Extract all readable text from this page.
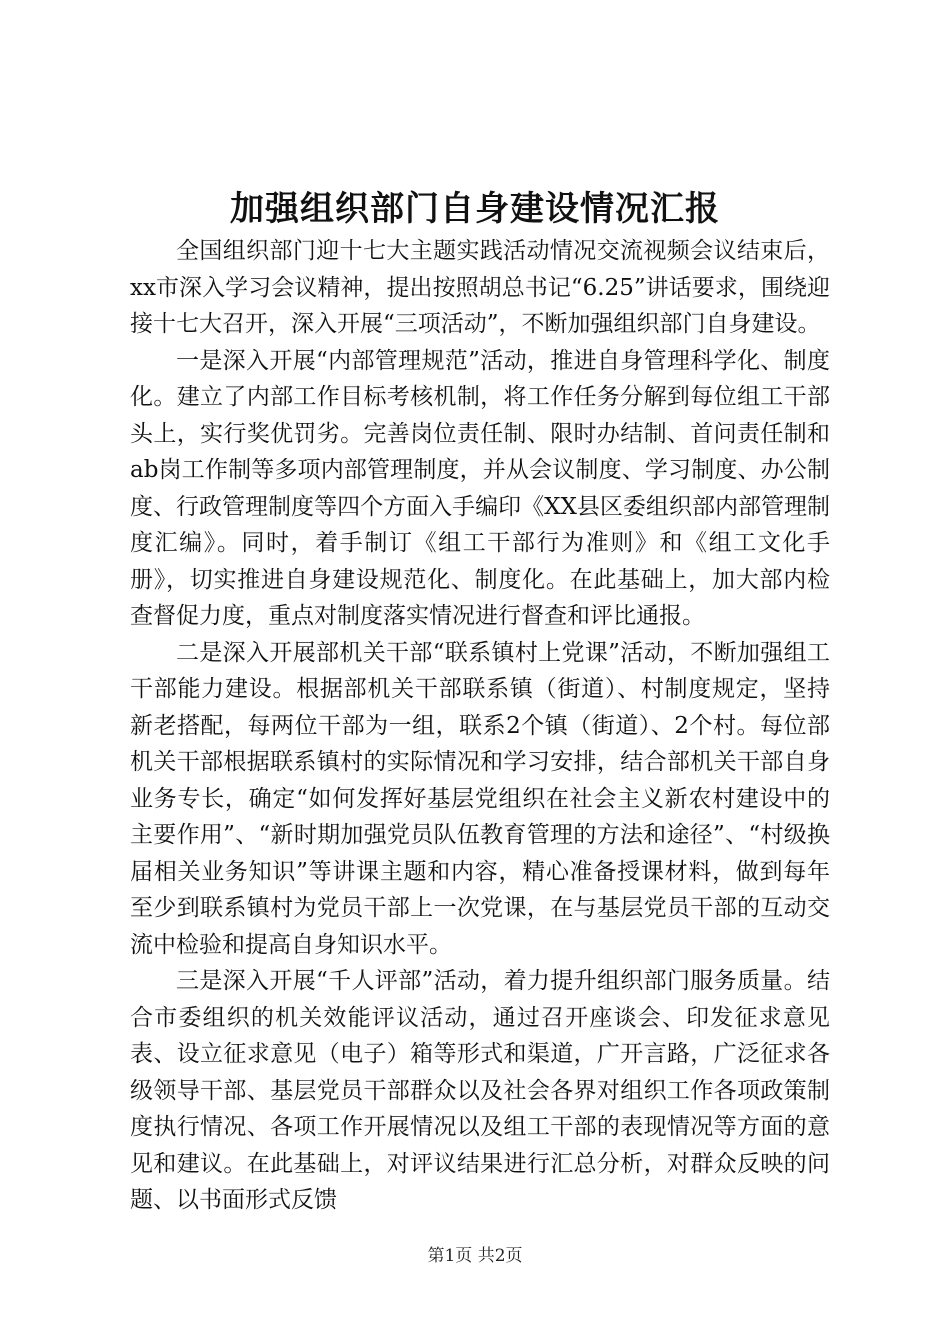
加强组织部门自身建设情况汇报

全国组织部门迎十七大主题实践活动情况交流视频会议结束后，xx市深入学习会议精神，提出按照胡总书记“6.25”讲话要求，围绕迎接十七大召开，深入开展“三项活动”，不断加强组织部门自身建设。

一是深入开展“内部管理规范”活动，推进自身管理科学化、制度化。建立了内部工作目标考核机制，将工作任务分解到每位组工干部头上，实行奖优罚劣。完善岗位责任制、限时办结制、首问责任制和ab岗工作制等多项内部管理制度，并从会议制度、学习制度、办公制度、行政管理制度等四个方面入手编印《XX县区委组织部内部管理制度汇编》。同时，着手制订《组工干部行为准则》和《组工文化手册》，切实推进自身建设规范化、制度化。在此基础上，加大部内检查督促力度，重点对制度落实情况进行督查和评比通报。

二是深入开展部机关干部“联系镇村上党课”活动，不断加强组工干部能力建设。根据部机关干部联系镇（街道）、村制度规定，坚持新老搭配，每两位干部为一组，联系2个镇（街道）、2个村。每位部机关干部根据联系镇村的实际情况和学习安排，结合部机关干部自身业务专长，确定“如何发挥好基层党组织在社会主义新农村建设中的主要作用”、“新时期加强党员队伍教育管理的方法和途径”、“村级换届相关业务知识”等讲课主题和内容，精心准备授课材料，做到每年至少到联系镇村为党员干部上一次党课，在与基层党员干部的互动交流中检验和提高自身知识水平。

三是深入开展“千人评部”活动，着力提升组织部门服务质量。结合市委组织的机关效能评议活动，通过召开座谈会、印发征求意见表、设立征求意见（电子）箱等形式和渠道，广开言路，广泛征求各级领导干部、基层党员干部群众以及社会各界对组织工作各项政策制度执行情况、各项工作开展情况以及组工干部的表现情况等方面的意见和建议。在此基础上，对评议结果进行汇总分析，对群众反映的问题、以书面形式反馈

第1页 共2页
